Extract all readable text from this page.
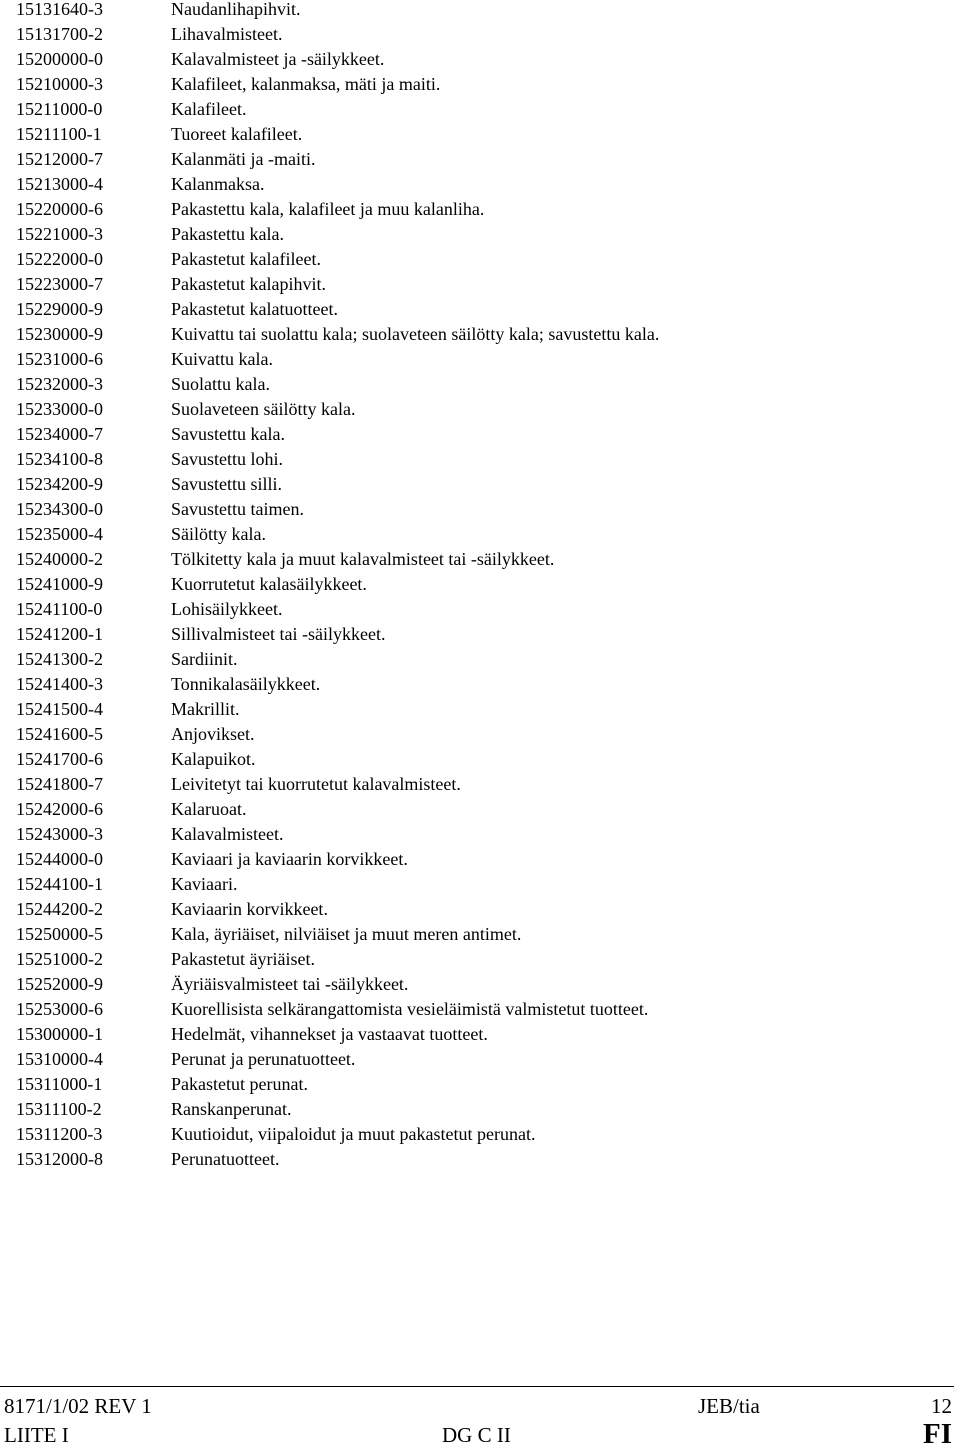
15131640-3	Naudanlihapihvit.
15131700-2	Lihavalmisteet.
15200000-0	Kalavalmisteet ja -säilykkeet.
15210000-3	Kalafileet, kalanmaksa, mäti ja maiti.
15211000-0	Kalafileet.
15211100-1	Tuoreet kalafileet.
15212000-7	Kalanmäti ja -maiti.
15213000-4	Kalanmaksa.
15220000-6	Pakastettu kala, kalafileet ja muu kalanliha.
15221000-3	Pakastettu kala.
15222000-0	Pakastetut kalafileet.
15223000-7	Pakastetut kalapihvit.
15229000-9	Pakastetut kalatuotteet.
15230000-9	Kuivattu tai suolattu kala; suolaveteen säilötty kala; savustettu kala.
15231000-6	Kuivattu kala.
15232000-3	Suolattu kala.
15233000-0	Suolaveteen säilötty kala.
15234000-7	Savustettu kala.
15234100-8	Savustettu lohi.
15234200-9	Savustettu silli.
15234300-0	Savustettu taimen.
15235000-4	Säilötty kala.
15240000-2	Tölkitetty kala ja muut kalavalmisteet tai -säilykkeet.
15241000-9	Kuorrutetut kalasäilykkeet.
15241100-0	Lohisäilykkeet.
15241200-1	Sillivalmisteet tai -säilykkeet.
15241300-2	Sardiinit.
15241400-3	Tonnikalasäilykkeet.
15241500-4	Makrillit.
15241600-5	Anjovikset.
15241700-6	Kalapuikot.
15241800-7	Leivitetyt tai kuorrutetut kalavalmisteet.
15242000-6	Kalaruoat.
15243000-3	Kalavalmisteet.
15244000-0	Kaviaari ja kaviaarin korvikkeet.
15244100-1	Kaviaari.
15244200-2	Kaviaarin korvikkeet.
15250000-5	Kala, äyriäiset, nilviäiset ja muut meren antimet.
15251000-2	Pakastetut äyriäiset.
15252000-9	Äyriäisvalmisteet tai -säilykkeet.
15253000-6	Kuorellisista selkärangattomista vesieläimistä valmistetut tuotteet.
15300000-1	Hedelmät, vihannekset ja vastaavat tuotteet.
15310000-4	Perunat ja perunatuotteet.
15311000-1	Pakastetut perunat.
15311100-2	Ranskanperunat.
15311200-3	Kuutioidut, viipaloidut ja muut pakastetut perunat.
15312000-8	Perunatuotteet.
8171/1/02 REV 1	JEB/tia	12
LIITE I	DG C II	FI
